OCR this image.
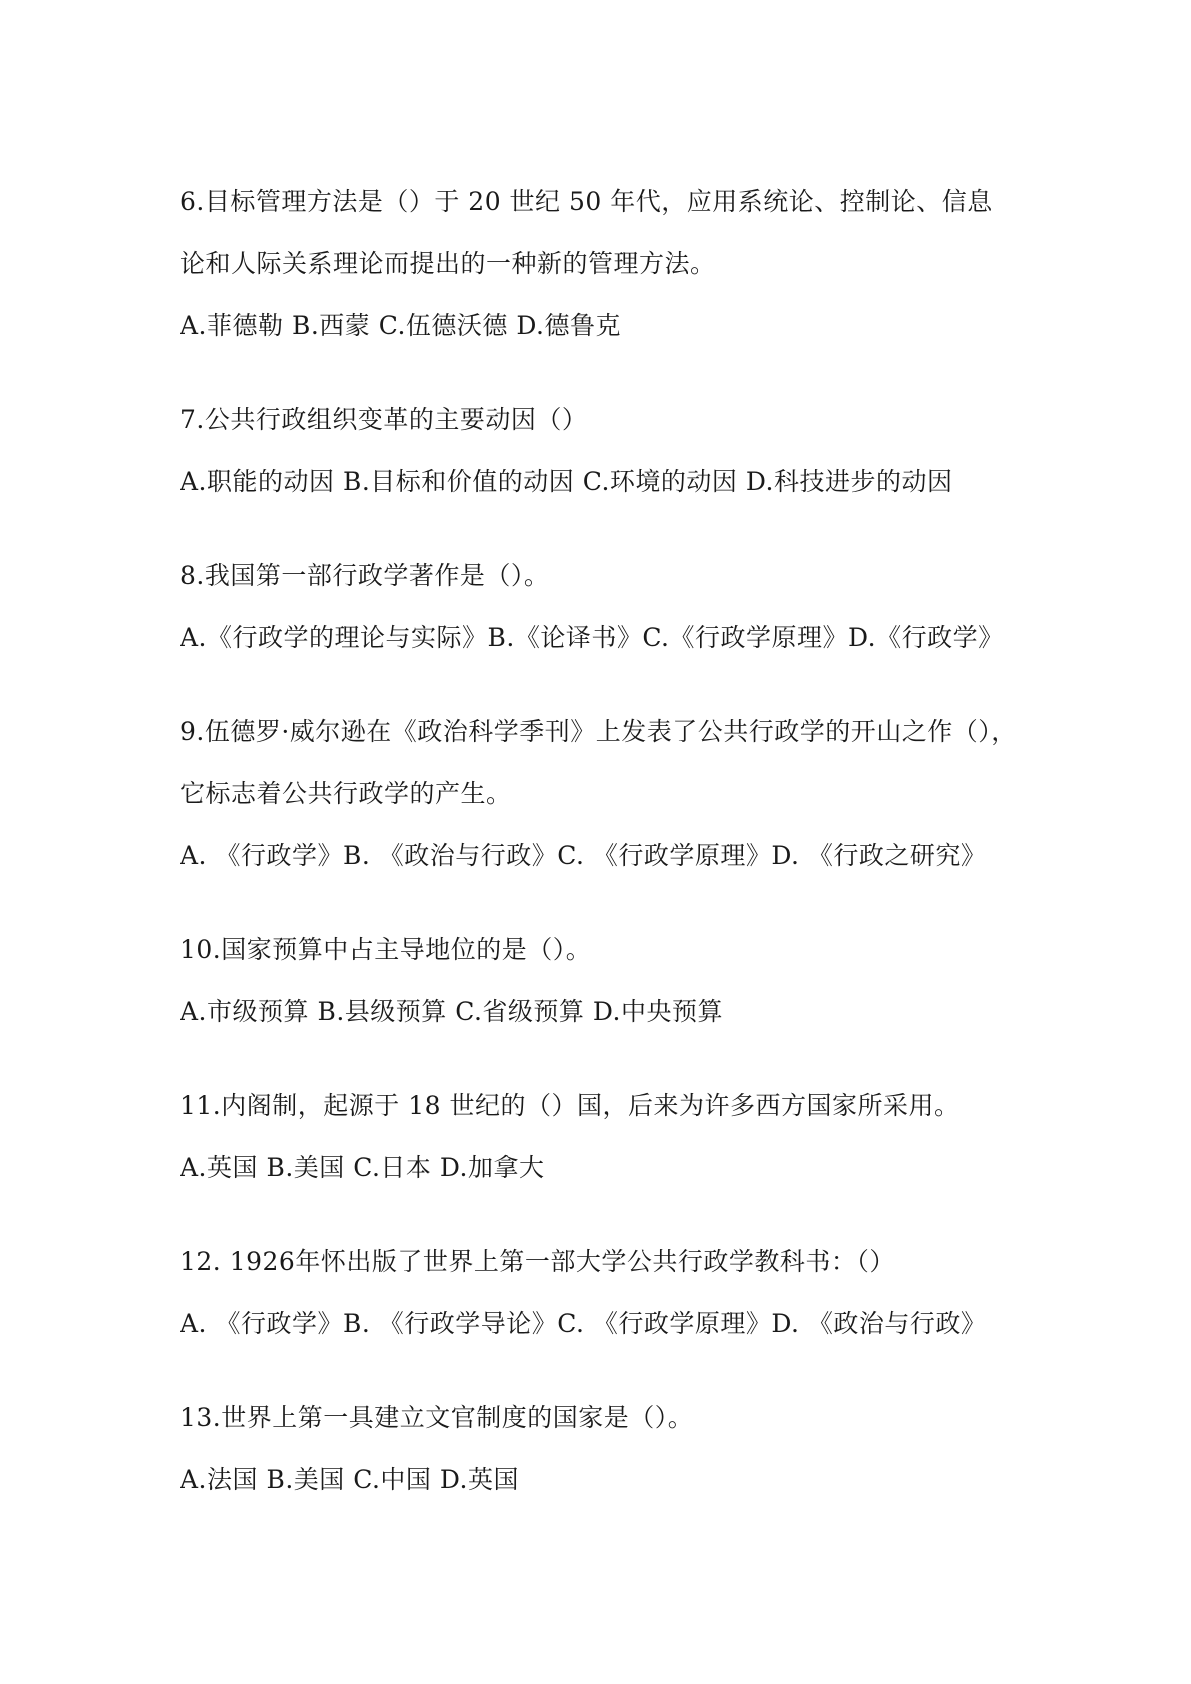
6.目标管理方法是（）于 20 世纪 50 年代，应用系统论、控制论、信息
论和人际关系理论而提出的一种新的管理方法。
A.菲德勒 B.西蒙 C.伍德沃德 D.德鲁克
7.公共行政组织变革的主要动因（）
A.职能的动因 B.目标和价值的动因 C.环境的动因 D.科技进步的动因
8.我国第一部行政学著作是（）。
A.《行政学的理论与实际》B.《论译书》C.《行政学原理》D.《行政学》
9.伍德罗·威尔逊在《政治科学季刊》上发表了公共行政学的开山之作（），
它标志着公共行政学的产生。
A. 《行政学》B. 《政治与行政》C. 《行政学原理》D. 《行政之研究》
10.国家预算中占主导地位的是（）。
A.市级预算 B.县级预算 C.省级预算 D.中央预算
11.内阁制，起源于 18 世纪的（）国，后来为许多西方国家所采用。
A.英国 B.美国 C.日本 D.加拿大
12. 1926年怀出版了世界上第一部大学公共行政学教科书：（）
A. 《行政学》B. 《行政学导论》C. 《行政学原理》D. 《政治与行政》
13.世界上第一具建立文官制度的国家是（）。
A.法国 B.美国 C.中国 D.英国
